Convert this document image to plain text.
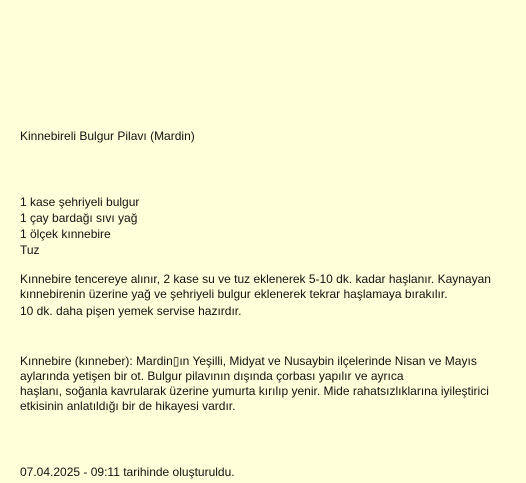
Kinnebireli Bulgur Pilavı (Mardin)
1 kase şehriyeli bulgur
1 çay bardağı sıvı yağ
1 ölçek kınnebire
Tuz

Kınnebire tencereye alınır, 2 kase su ve tuz eklenerek 5-10 dk. kadar haşlanır. Kaynayan kınnebirenin üzerine yağ ve şehriyeli bulgur eklenerek tekrar haşlamaya bırakılır.

10 dk. daha pişen yemek servise hazırdır.

Kınnebire (kınneber): Mardin▯ın Yeşilli, Midyat ve Nusaybin ilçelerinde Nisan ve Mayıs aylarında yetişen bir ot. Bulgur pilavının dışında çorbası yapılır ve ayrıca

haşlanı, soğanla kavrularak üzerine yumurta kırılıp yenir. Mide rahatsızlıklarına iyileştirici etkisinin anlatıldığı bir de hikayesi vardır.

07.04.2025 - 09:11 tarihinde oluşturuldu.
